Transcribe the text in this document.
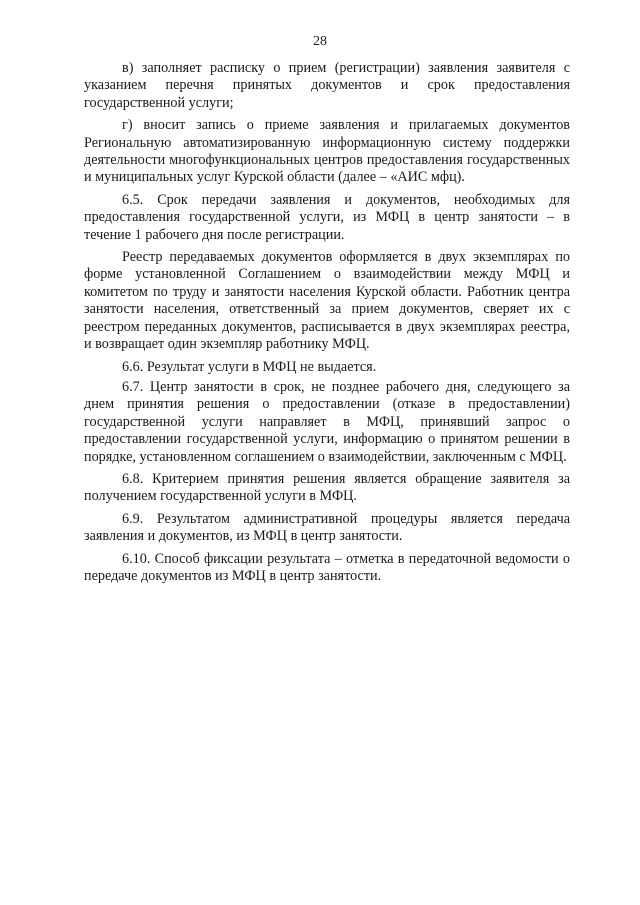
28

в) заполняет расписку о прием (регистрации) заявления заявителя с указанием перечня принятых документов и срок предоставления государственной услуги;

г) вносит запись о приеме заявления и прилагаемых документов Региональную автоматизированную информационную систему поддержки деятельности многофункциональных центров предоставления государственных и муниципальных услуг Курской области (далее – «АИС мфц).

6.5. Срок передачи заявления и документов, необходимых для предоставления государственной услуги, из МФЦ в центр занятости – в течение 1 рабочего дня после регистрации.

Реестр передаваемых документов оформляется в двух экземплярах по форме установленной Соглашением о взаимодействии между МФЦ и комитетом по труду и занятости населения Курской области. Работник центра занятости населения, ответственный за прием документов, сверяет их с реестром переданных документов, расписывается в двух экземплярах реестра, и возвращает один экземпляр работнику МФЦ.

6.6. Результат услуги в МФЦ не выдается.

6.7. Центр занятости в срок, не позднее рабочего дня, следующего за днем принятия решения о предоставлении (отказе в предоставлении) государственной услуги направляет в МФЦ, принявший запрос о предоставлении государственной услуги, информацию о принятом решении в порядке, установленном соглашением о взаимодействии, заключенным с МФЦ.

6.8. Критерием принятия решения является обращение заявителя за получением государственной услуги в МФЦ.

6.9. Результатом административной процедуры является передача заявления и документов, из МФЦ в центр занятости.

6.10. Способ фиксации результата – отметка в передаточной ведомости о передаче документов из МФЦ в центр занятости.
